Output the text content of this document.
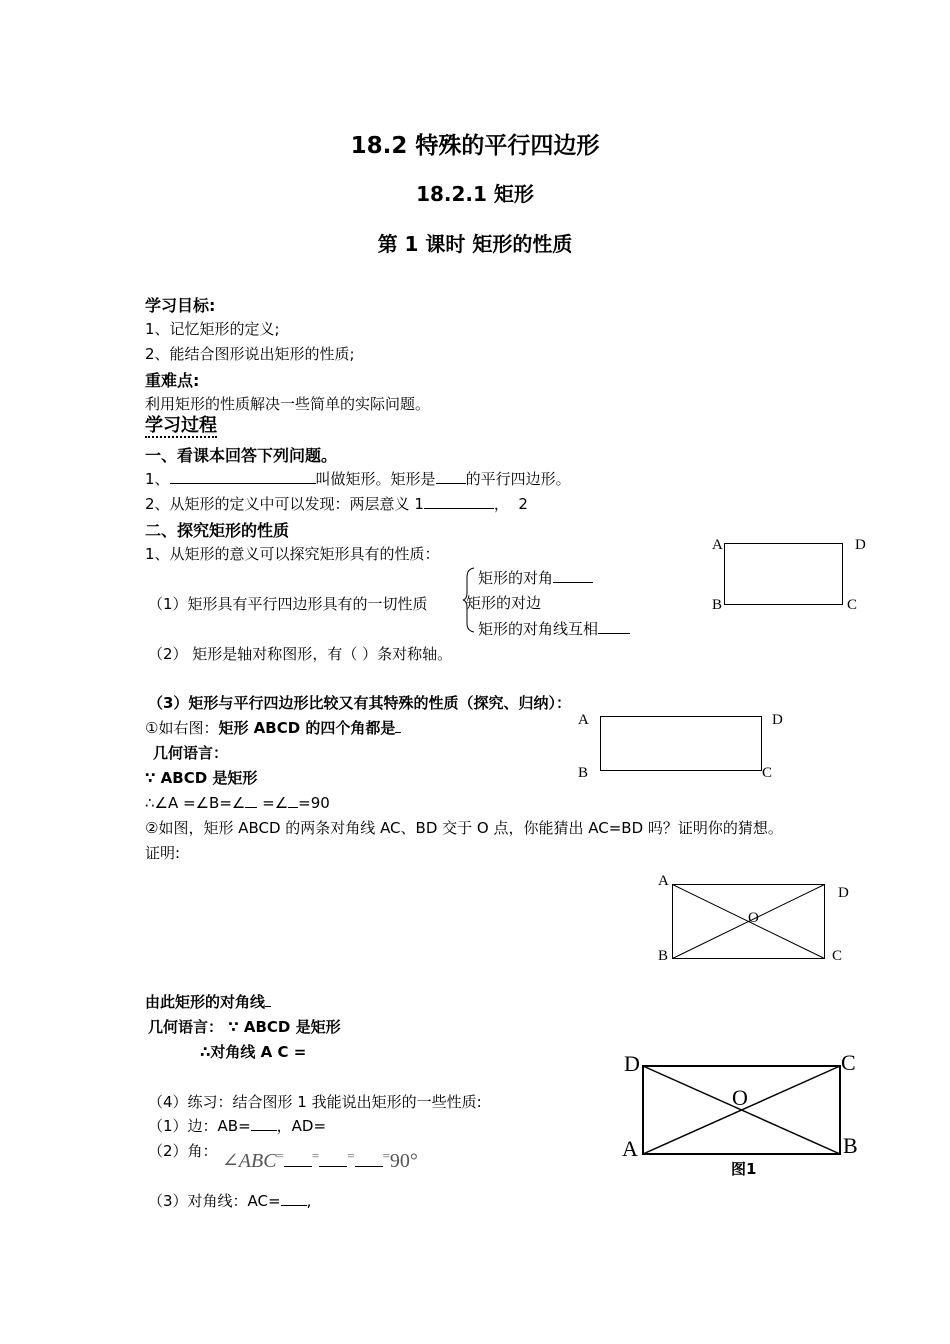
18.2 特殊的平行四边形
18.2.1 矩形
第 1 课时 矩形的性质
学习目标:
1、记忆矩形的定义;
2、能结合图形说出矩形的性质;
重难点:
利用矩形的性质解决一些简单的实际问题。
学习过程
一、看课本回答下列问题。
1、	叫做矩形。矩形是 的平行四边形。
2、从矩形的定义中可以发现：两层意义 1	， 2
二、探究矩形的性质
1、从矩形的意义可以探究矩形具有的性质：
（1）矩形具有平行四边形具有的一切性质
矩形的对角
矩形的对边
矩形的对角线互相
（2） 矩形是轴对称图形，有（ ）条对称轴。
（3）矩形与平行四边形比较又有其特殊的性质（探究、归纳）：
①如右图：矩形 ABCD 的四个角都是
几何语言：
∵ ABCD 是矩形
∴∠A =∠B=∠ =∠ =90
②如图，矩形 ABCD 的两条对角线 AC、BD 交于 O 点，你能猜出 AC=BD 吗？证明你的猜想。
证明:
由此矩形的对角线
几何语言： ∵ ABCD 是矩形
∴对角线 A C =
（4）练习：结合图形 1 我能说出矩形的一些性质:
（1）边：AB= ，AD=
（2）角： ∠ABC= = = =90°
（3）对角线：AC= ,
A	D
B	C
A	D
B	C
A
D
B	C
O
D	C
A	B
O
图1
